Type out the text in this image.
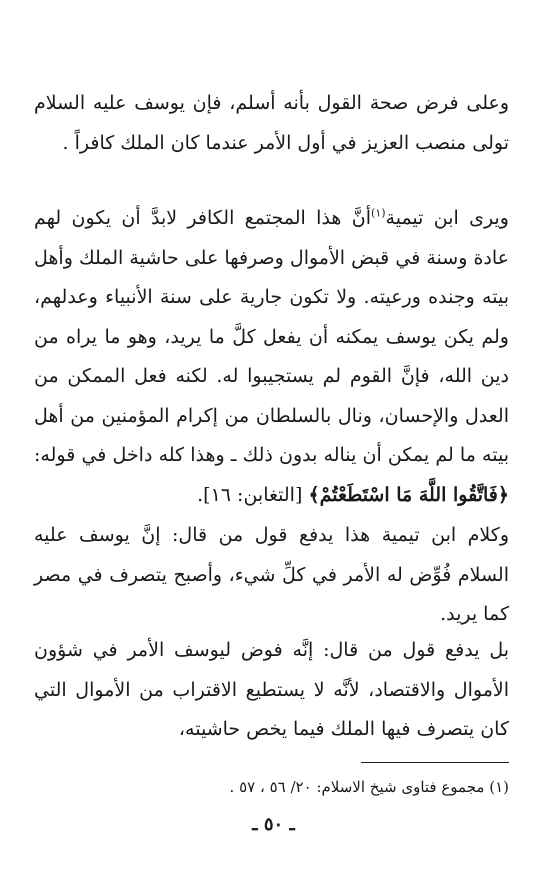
وعلى فرض صحة القول بأنه أسلم، فإن يوسف عليه السلام تولى منصب العزيز في أول الأمر عندما كان الملك كافراً .

ويرى ابن تيمية$^{(١)}$أنَّ هذا المجتمع الكافر لابدَّ أن يكون لهم عادة وسنة في قبض الأموال وصرفها على حاشية الملك وأهل بيته وجنده ورعيته. ولا تكون جارية على سنة الأنبياء وعدلهم، ولم يكن يوسف يمكنه أن يفعل كلَّ ما يريد، وهو ما يراه من دين الله، فإنَّ القوم لم يستجيبوا له. لكنه فعل الممكن من العدل والإحسان، ونال بالسلطان من إكرام المؤمنين من أهل بيته ما لم يمكن أن يناله بدون ذلك ـ وهذا كله داخل في قوله: ﴿فَاتَّقُوا اللَّهَ مَا اسْتَطَعْتُمْ﴾ [التغابن: ١٦].

وكلام ابن تيمية هذا يدفع قول من قال: إنَّ يوسف عليه السلام فُوِّض له الأمر في كلِّ شيء، وأصبح يتصرف في مصر كما يريد.

بل يدفع قول من قال: إنَّه فوض ليوسف الأمر في شؤون الأموال والاقتصاد، لأنَّه لا يستطيع الاقتراب من الأموال التي كان يتصرف فيها الملك فيما يخص حاشيته،

(١) مجموع فتاوى شيخ الاسلام: ٢٠/ ٥٦ ، ٥٧ .

ـ ٥٠ ـ
